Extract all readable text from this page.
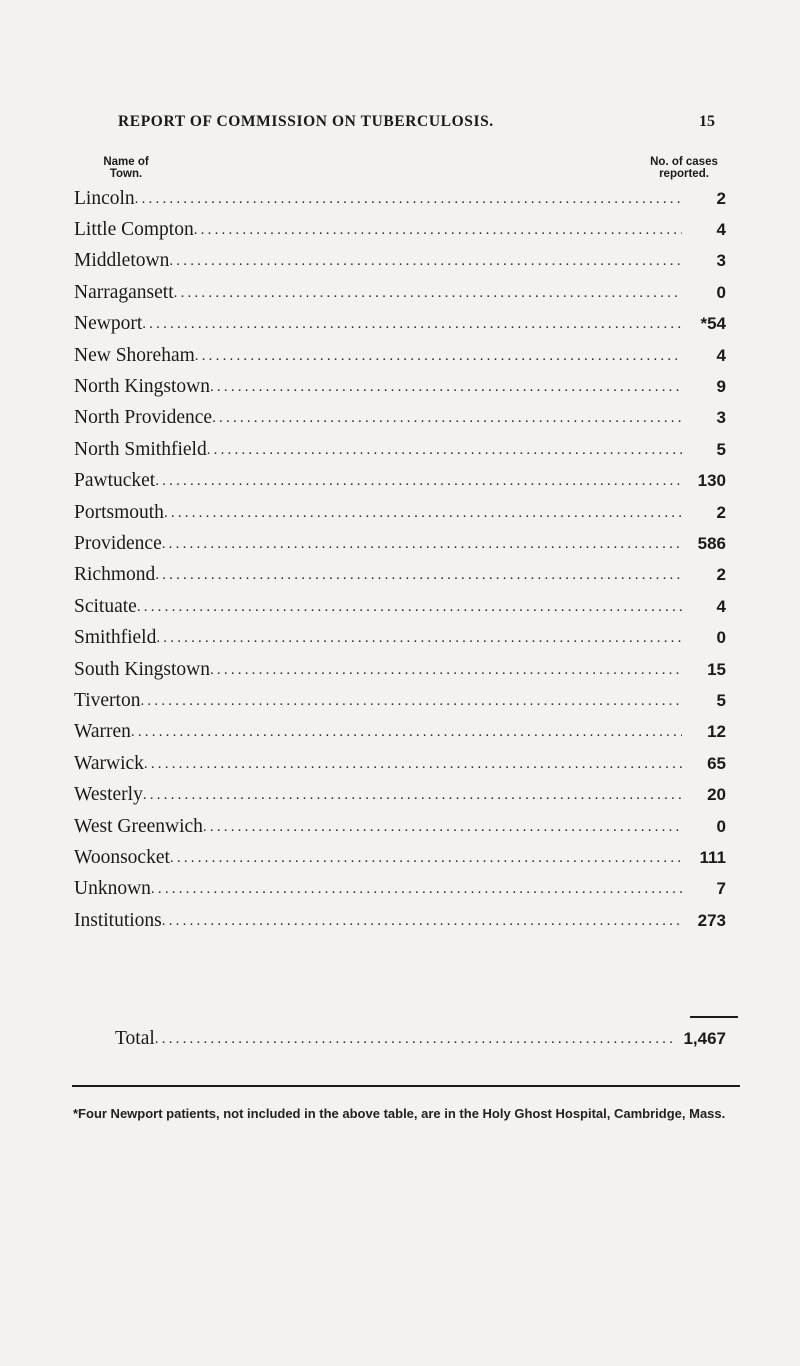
REPORT OF COMMISSION ON TUBERCULOSIS.	15
Name of
Town.
No. of cases
reported.
Lincoln .....	2
Little Compton .....	4
Middletown .....	3
Narragansett .....	0
Newport .....	*54
New Shoreham .....	4
North Kingstown .....	9
North Providence .....	3
North Smithfield .....	5
Pawtucket .....	130
Portsmouth .....	2
Providence .....	586
Richmond .....	2
Scituate .....	4
Smithfield .....	0
South Kingstown .....	15
Tiverton .....	5
Warren .....	12
Warwick .....	65
Westerly .....	20
West Greenwich .....	0
Woonsocket .....	111
Unknown .....	7
Institutions .....	273
Total .....	1,467
*Four Newport patients, not included in the above table, are in the Holy Ghost Hospital, Cambridge, Mass.
